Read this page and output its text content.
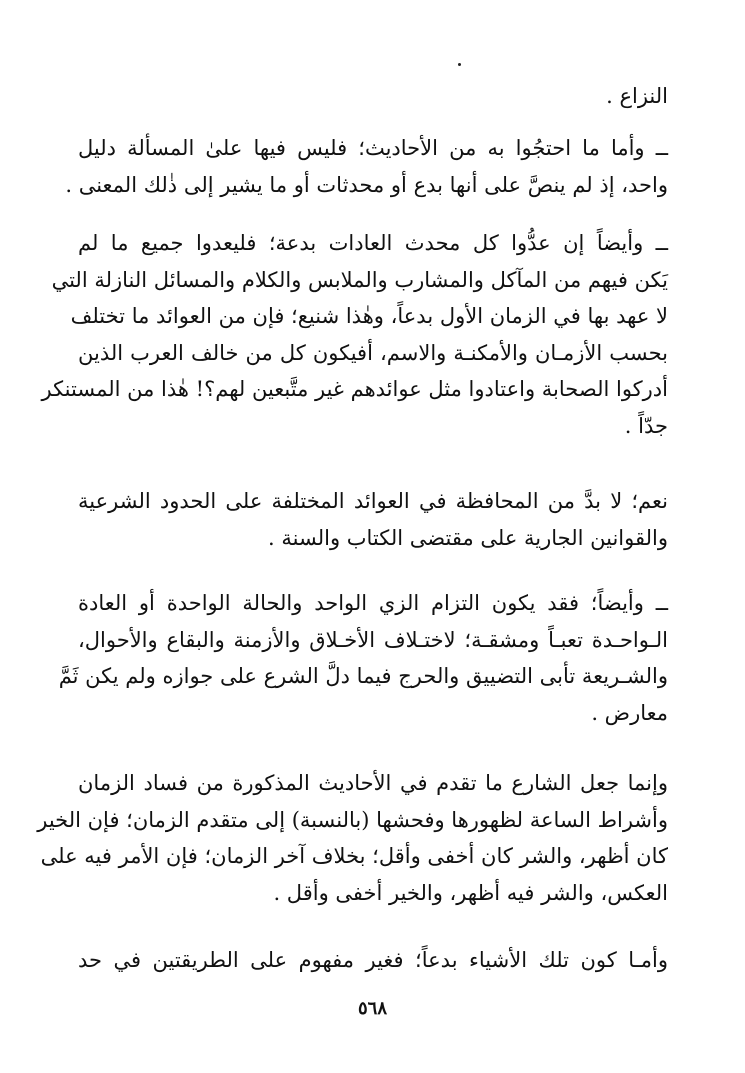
النزاع .
ــ وأما ما احتجُوا به من الأحاديث؛ فليس فيها علىٰ المسألة دليل
واحد، إذ لم ينصَّ على أنها بدع أو محدثات أو ما يشير إلى ذٰلك المعنى .
ــ وأيضاً إن عدُّوا كل محدث العادات بدعة؛ فليعدوا جميع ما لم
يَكن فيهم من المآكل والمشارب والملابس والكلام والمسائل النازلة التي
لا عهد بها في الزمان الأول بدعاً، وهٰذا شنيع؛ فإن من العوائد ما تختلف
بحسب الأزمـان والأمكنـة والاسم، أفيكون كل من خالف العرب الذين
أدركوا الصحابة واعتادوا مثل عوائدهم غير متَّبعين لهم؟! هٰذا من المستنكر
جدّاً .
نعم؛ لا بدَّ من المحافظة في العوائد المختلفة على الحدود الشرعية
والقوانين الجارية على مقتضى الكتاب والسنة .
ــ وأيضاً؛ فقد يكون التزام الزي الواحد والحالة الواحدة أو العادة
الـواحـدة تعبـاً ومشقـة؛ لاختـلاف الأخـلاق والأزمنة والبقاع والأحوال،
والشـريعة تأبى التضييق والحرج فيما دلَّ الشرع على جوازه ولم يكن ثَمَّ
معارض .
وإنما جعل الشارع ما تقدم في الأحاديث المذكورة من فساد الزمان
وأشراط الساعة لظهورها وفحشها (بالنسبة) إلى متقدم الزمان؛ فإن الخير
كان أظهر، والشر كان أخفى وأقل؛ بخلاف آخر الزمان؛ فإن الأمر فيه على
العكس، والشر فيه أظهر، والخير أخفى وأقل .
وأمـا كون تلك الأشياء بدعاً؛ فغير مفهوم على الطريقتين في حد
٥٦٨
